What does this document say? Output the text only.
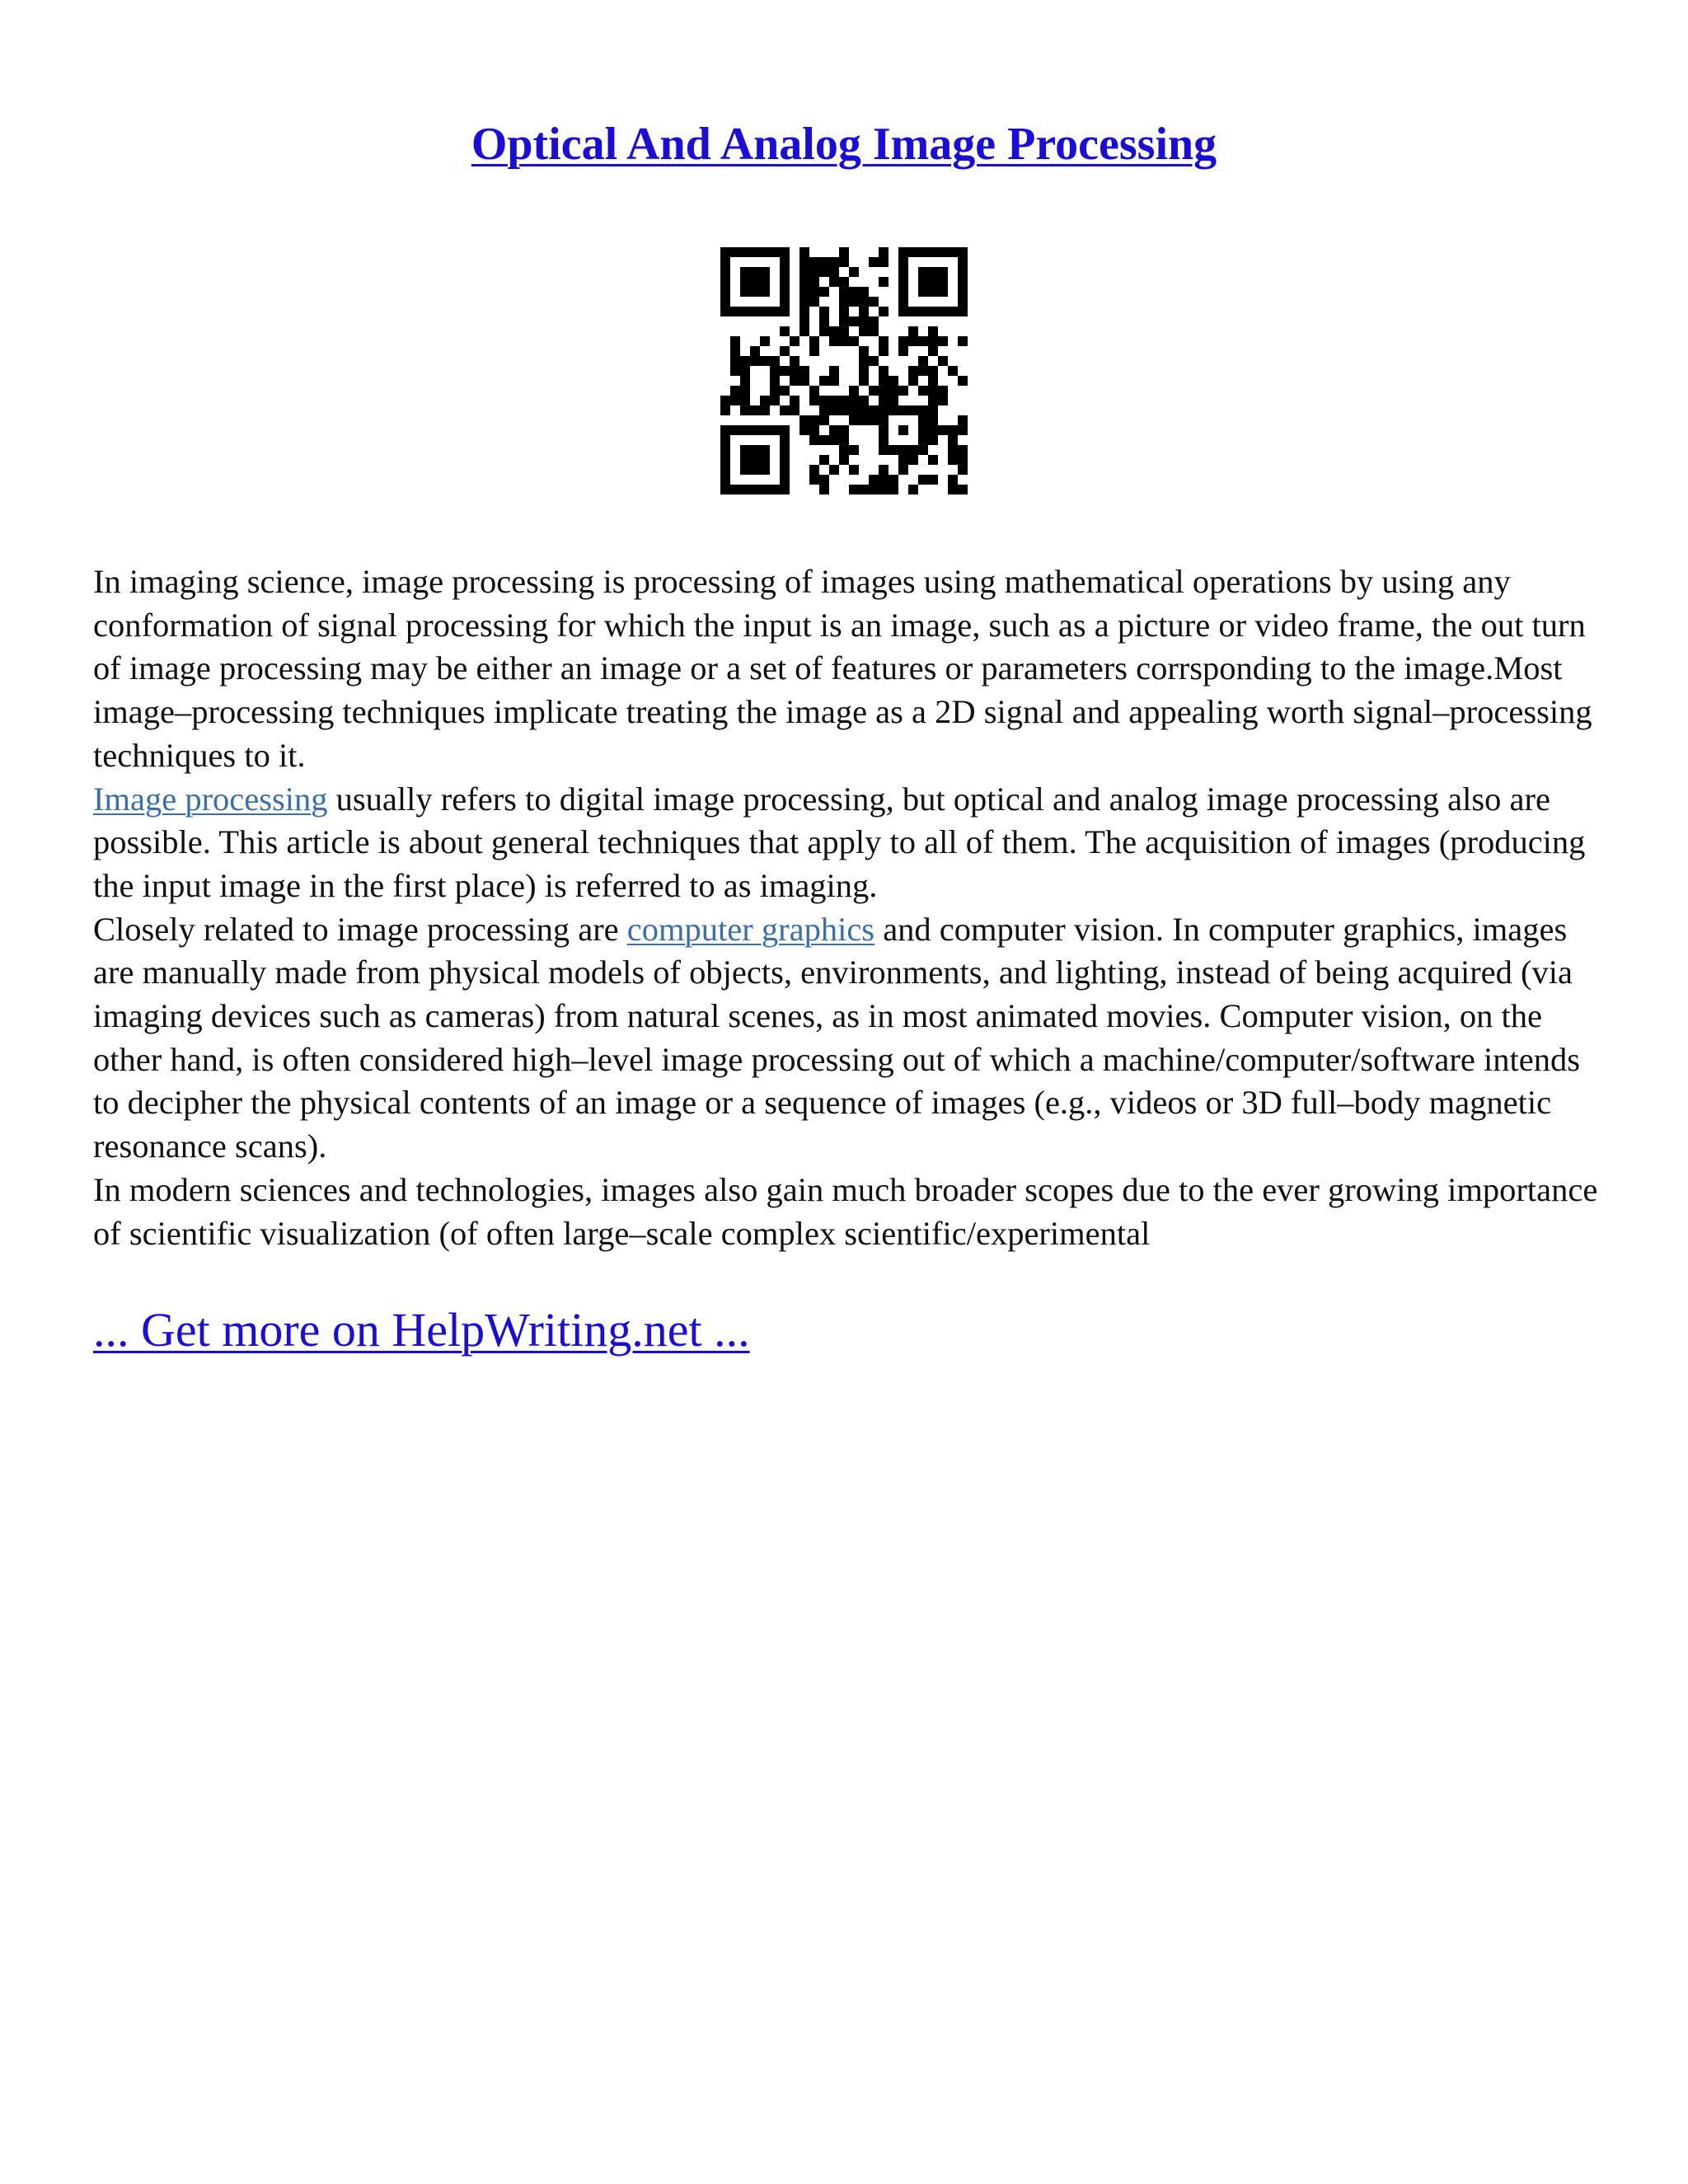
Optical And Analog Image Processing

In imaging science, image processing is processing of images using mathematical operations by using any conformation of signal processing for which the input is an image, such as a picture or video frame, the out turn of image processing may be either an image or a set of features or parameters corrsponding to the image.Most image–processing techniques implicate treating the image as a 2D signal and appealing worth signal–processing techniques to it.

Image processing usually refers to digital image processing, but optical and analog image processing also are possible. This article is about general techniques that apply to all of them. The acquisition of images (producing the input image in the first place) is referred to as imaging.

Closely related to image processing are computer graphics and computer vision. In computer graphics, images are manually made from physical models of objects, environments, and lighting, instead of being acquired (via imaging devices such as cameras) from natural scenes, as in most animated movies. Computer vision, on the other hand, is often considered high–level image processing out of which a machine/computer/software intends to decipher the physical contents of an image or a sequence of images (e.g., videos or 3D full–body magnetic resonance scans).

In modern sciences and technologies, images also gain much broader scopes due to the ever growing importance of scientific visualization (of often large–scale complex scientific/experimental

... Get more on HelpWriting.net ...
